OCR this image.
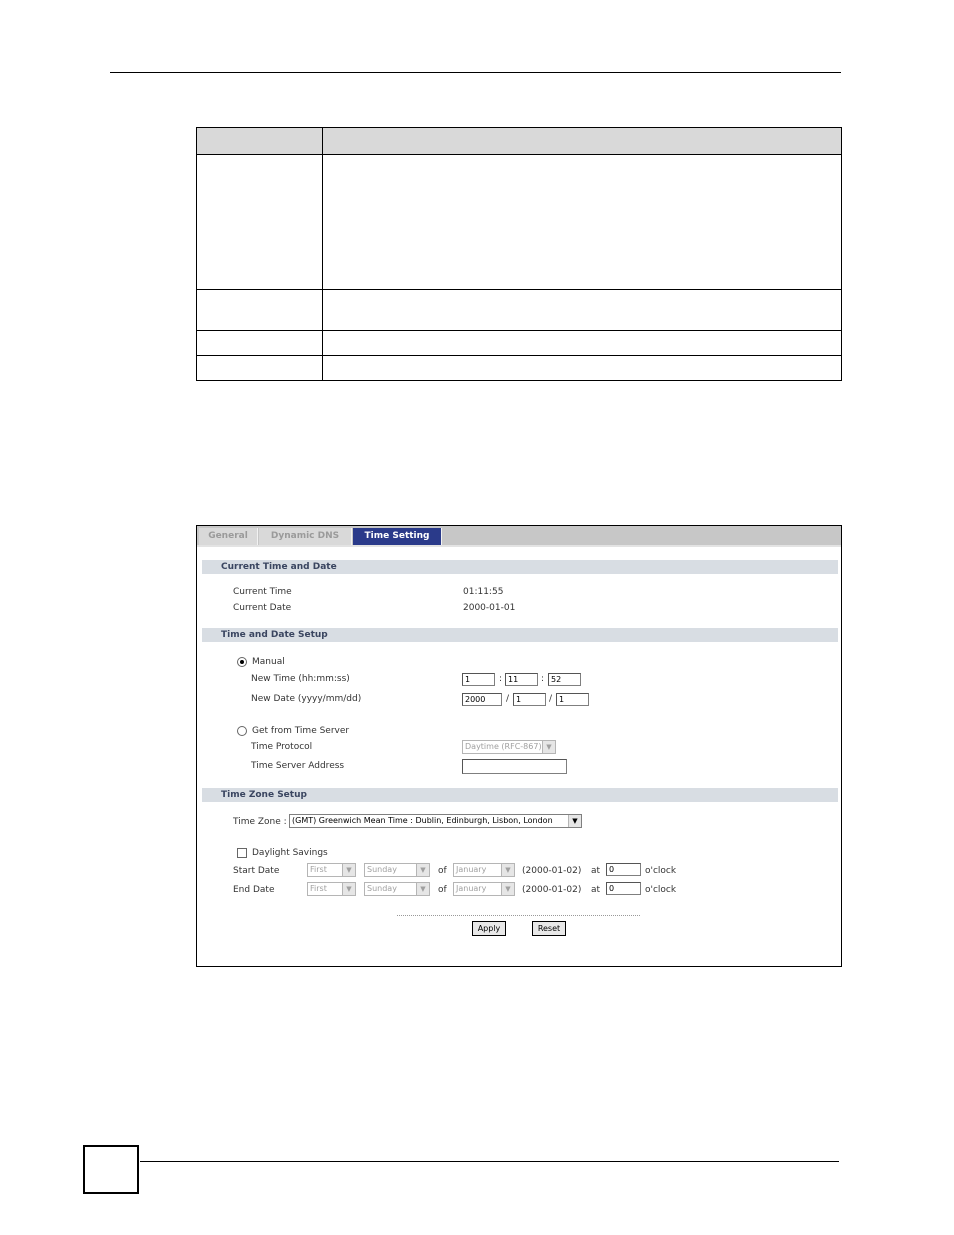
General	Dynamic DNS	Time Setting
Current Time and Date
Current Time	01:11:55
Current Date	2000-01-01
Time and Date Setup
Manual
New Time (hh:mm:ss)	1	: 11	: 52
New Date (yyyy/mm/dd)	2000	/ 1	/ 1
Get from Time Server
Time Protocol	Daytime (RFC-867) ▼
Time Server Address
Time Zone Setup
Time Zone : (GMT) Greenwich Mean Time : Dublin, Edinburgh, Lisbon, London	▼
Daylight Savings
Start Date	First	▼	Sunday	▼	of	January	▼	(2000-01-02) at	0	o'clock
End Date	First	▼	Sunday	▼	of	January	▼	(2000-01-02) at	0	o'clock
Apply	Reset
